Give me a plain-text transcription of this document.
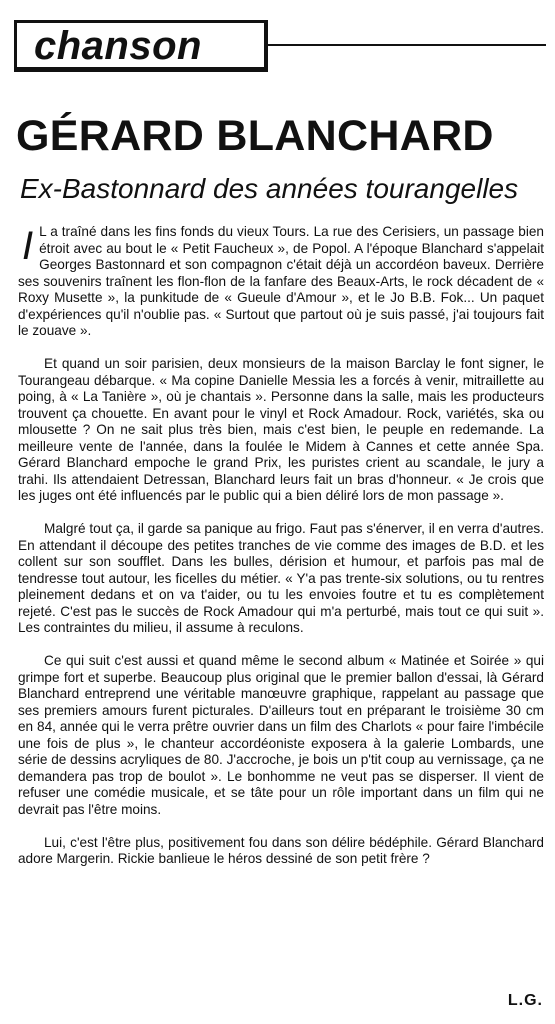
chanson
GÉRARD BLANCHARD
Ex-Bastonnard des années tourangelles

I L a traîné dans les fins fonds du vieux Tours. La rue des Cerisiers, un passage bien étroit avec au bout le « Petit Faucheux », de Popol. A l'époque Blanchard s'appelait Georges Bastonnard et son compagnon c'était déjà un accordéon baveux. Derrière ses souvenirs traînent les flon-flon de la fanfare des Beaux-Arts, le rock décadent de « Roxy Musette », la punkitude de « Gueule d'Amour », et le Jo B.B. Fok... Un paquet d'expériences qu'il n'oublie pas. « Surtout que partout où je suis passé, j'ai toujours fait le zouave ».

Et quand un soir parisien, deux monsieurs de la maison Barclay le font signer, le Tourangeau débarque. « Ma copine Danielle Messia les a forcés à venir, mitraillette au poing, à « La Tanière », où je chantais ». Personne dans la salle, mais les producteurs trouvent ça chouette. En avant pour le vinyl et Rock Amadour. Rock, variétés, ska ou mlousette ? On ne sait plus très bien, mais c'est bien, le peuple en redemande. La meilleure vente de l'année, dans la foulée le Midem à Cannes et cette année Spa. Gérard Blanchard empoche le grand Prix, les puristes crient au scandale, le jury a trahi. Ils attendaient Detressan, Blanchard leurs fait un bras d'honneur. « Je crois que les juges ont été influencés par le public qui a bien déliré lors de mon passage ».

Malgré tout ça, il garde sa panique au frigo. Faut pas s'énerver, il en verra d'autres. En attendant il découpe des petites tranches de vie comme des images de B.D. et les collent sur son soufflet. Dans les bulles, dérision et humour, et parfois pas mal de tendresse tout autour, les ficelles du métier. « Y'a pas trente-six solutions, ou tu rentres pleinement dedans et on va t'aider, ou tu les envoies foutre et tu es complètement rejeté. C'est pas le succès de Rock Amadour qui m'a perturbé, mais tout ce qui suit ». Les contraintes du milieu, il assume à reculons.

Ce qui suit c'est aussi et quand même le second album « Matinée et Soirée » qui grimpe fort et superbe. Beaucoup plus original que le premier ballon d'essai, là Gérard Blanchard entreprend une véritable manœuvre graphique, rappelant au passage que ses premiers amours furent picturales. D'ailleurs tout en préparant le troisième 30 cm en 84, année qui le verra prêtre ouvrier dans un film des Charlots « pour faire l'imbécile une fois de plus », le chanteur accordéoniste exposera à la galerie Lombards, une série de dessins acryliques de 80. J'accroche, je bois un p'tit coup au vernissage, ça ne demandera pas trop de boulot ». Le bonhomme ne veut pas se disperser. Il vient de refuser une comédie musicale, et se tâte pour un rôle important dans un film qui ne devrait pas l'être moins.

Lui, c'est l'être plus, positivement fou dans son délire bédéphile. Gérard Blanchard adore Margerin. Rickie banlieue le héros dessiné de son petit frère ?

L.G.
